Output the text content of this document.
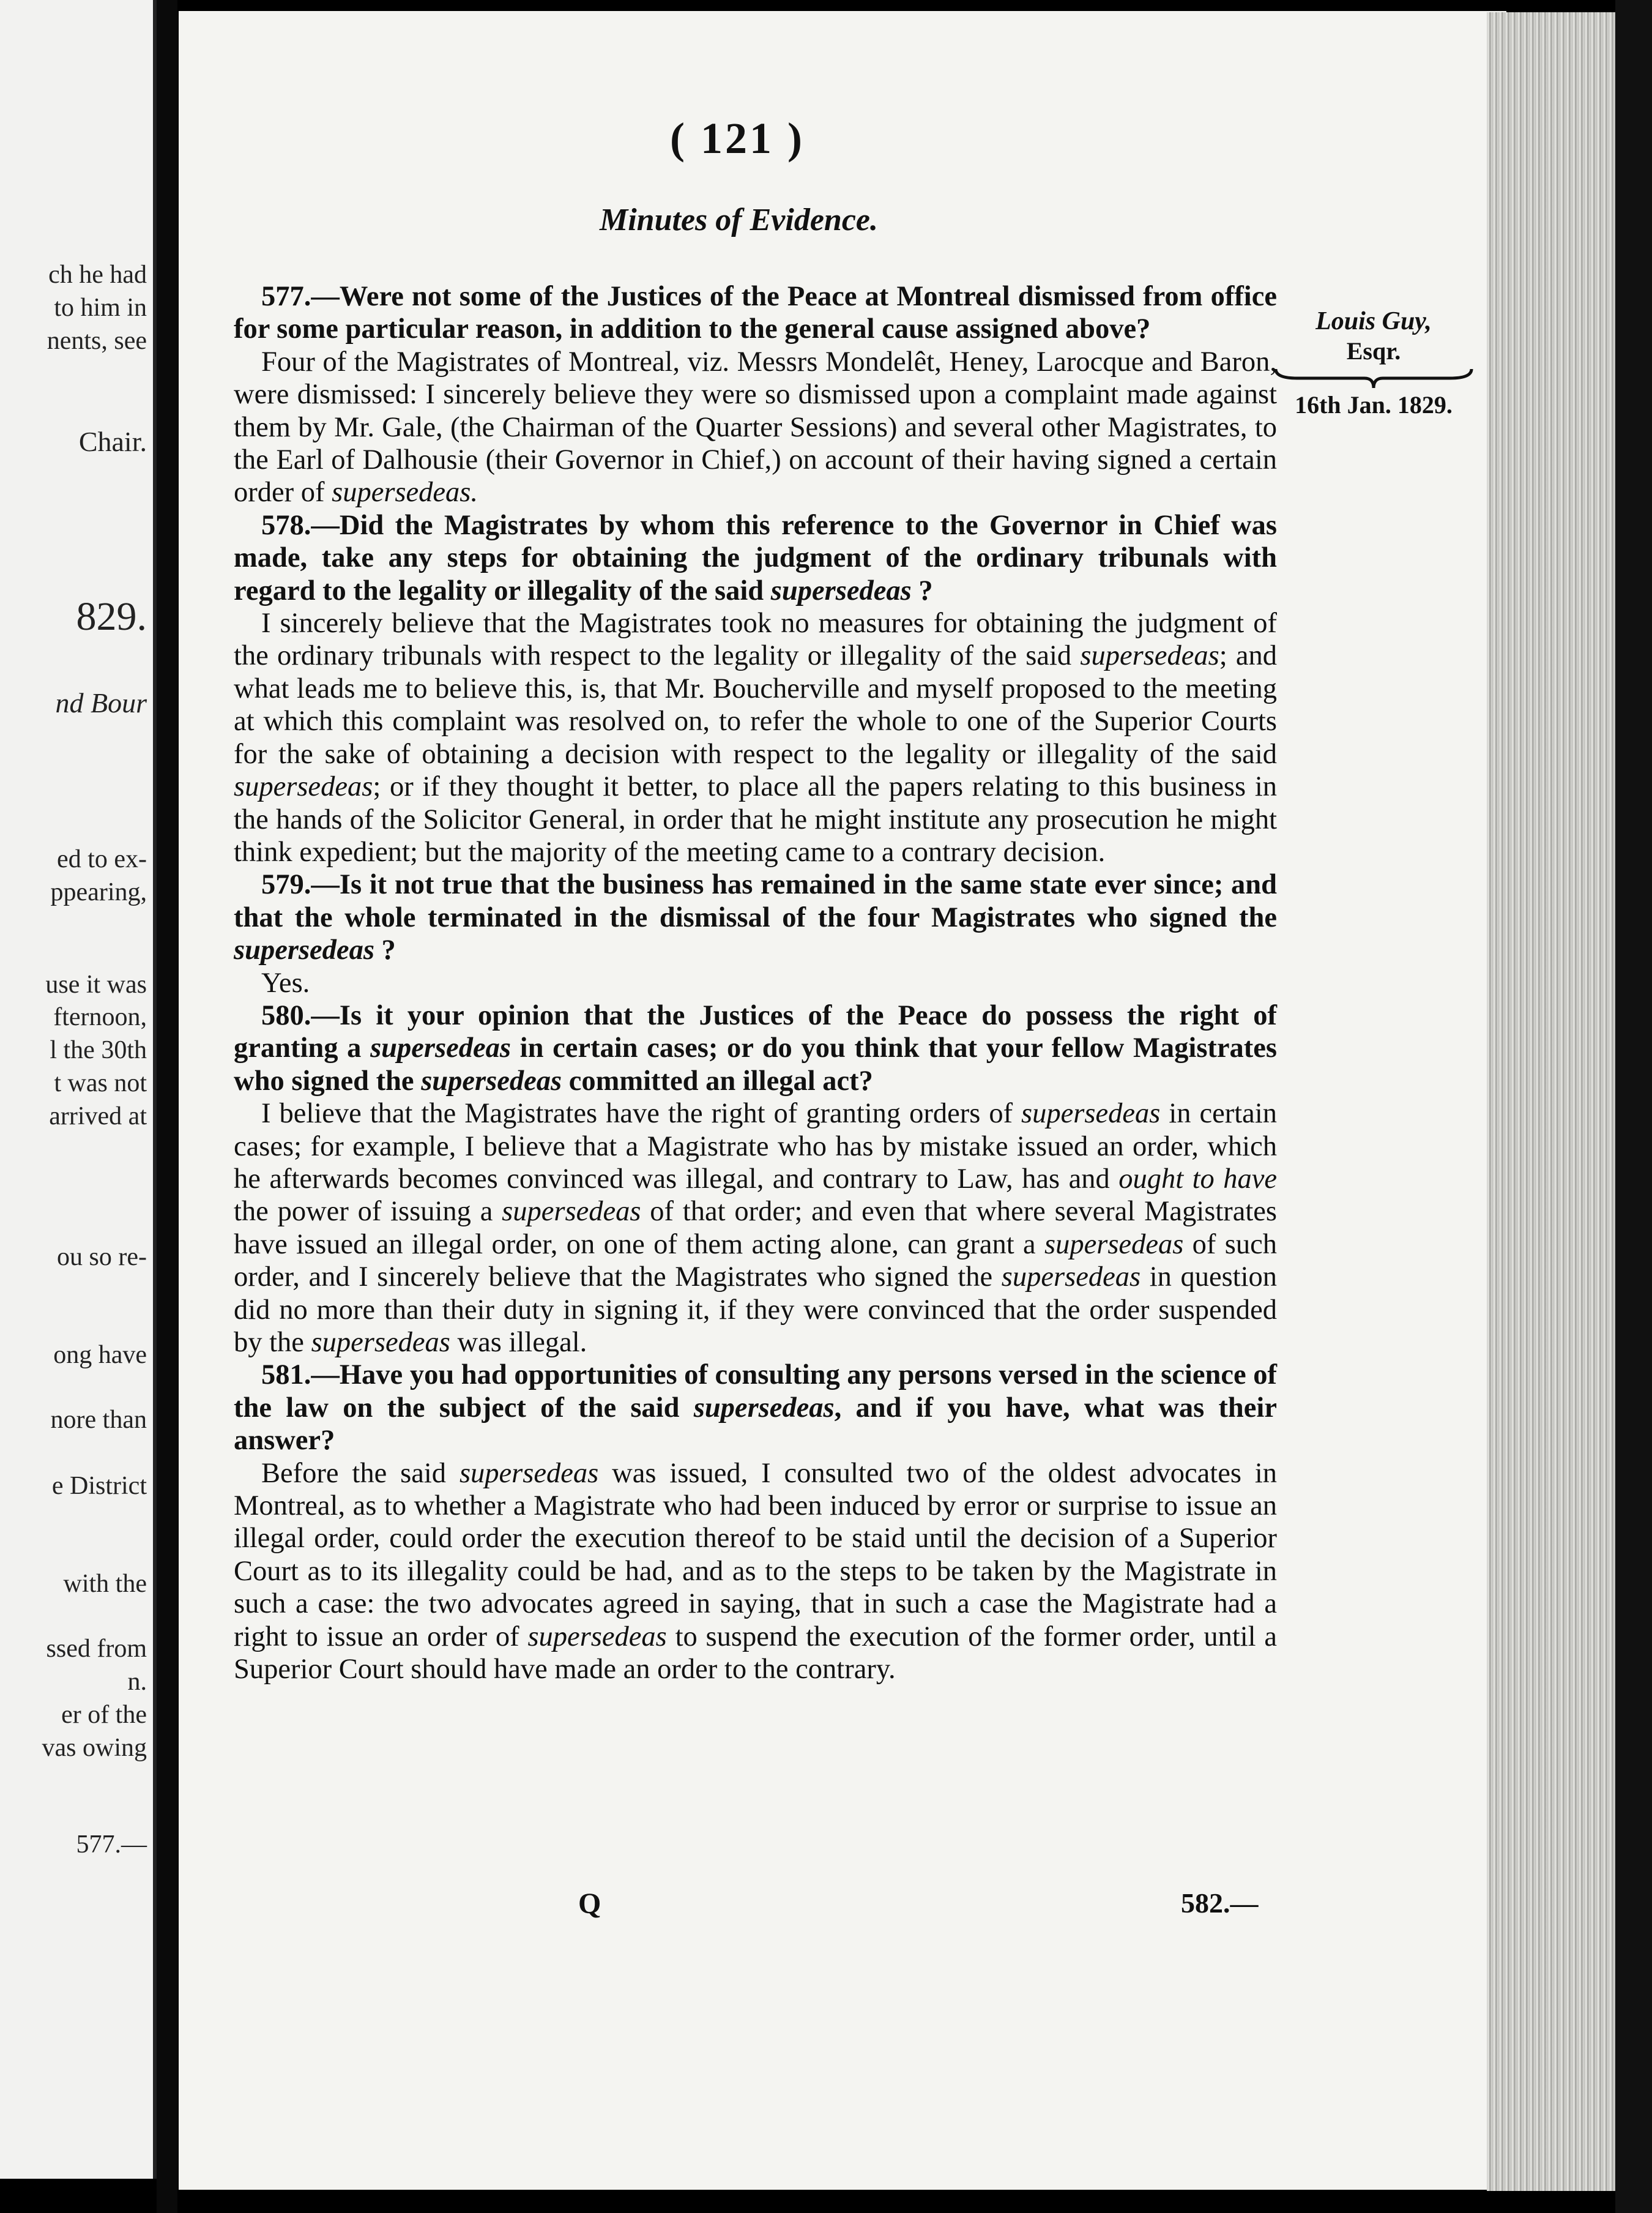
ch he had
to him in
nents, see
Chair.
829.
nd Bour
ed to ex-
ppearing,
use it was
fternoon,
l the 30th
t was not
arrived at
ou so re-
ong have
nore than
e District
with the
ssed from
n.
er of the
vas owing
577.—
( 121 )
Minutes of Evidence.
Louis Guy,
Esqr.
16th Jan. 1829.

577.—Were not some of the Justices of the Peace at Montreal dismissed from office for some particular reason, in addition to the general cause assigned above?

Four of the Magistrates of Montreal, viz. Messrs Mondelêt, Heney, Larocque and Baron, were dismissed: I sincerely believe they were so dismissed upon a complaint made against them by Mr. Gale, (the Chairman of the Quarter Sessions) and several other Magistrates, to the Earl of Dalhousie (their Governor in Chief,) on account of their having signed a certain order of supersedeas.

578.—Did the Magistrates by whom this reference to the Governor in Chief was made, take any steps for obtaining the judgment of the ordinary tribunals with regard to the legality or illegality of the said supersedeas ?

I sincerely believe that the Magistrates took no measures for obtaining the judgment of the ordinary tribunals with respect to the legality or illegality of the said supersedeas; and what leads me to believe this, is, that Mr. Boucherville and myself proposed to the meeting at which this complaint was resolved on, to refer the whole to one of the Superior Courts for the sake of obtaining a decision with respect to the legality or illegality of the said supersedeas; or if they thought it better, to place all the papers relating to this business in the hands of the Solicitor General, in order that he might institute any prosecution he might think expedient; but the majority of the meeting came to a contrary decision.

579.—Is it not true that the business has remained in the same state ever since; and that the whole terminated in the dismissal of the four Magistrates who signed the supersedeas ?

Yes.

580.—Is it your opinion that the Justices of the Peace do possess the right of granting a supersedeas in certain cases; or do you think that your fellow Magistrates who signed the supersedeas committed an illegal act?

I believe that the Magistrates have the right of granting orders of supersedeas in certain cases; for example, I believe that a Magistrate who has by mistake issued an order, which he afterwards becomes convinced was illegal, and contrary to Law, has and ought to have the power of issuing a supersedeas of that order; and even that where several Magistrates have issued an illegal order, on one of them acting alone, can grant a supersedeas of such order, and I sincerely believe that the Magistrates who signed the supersedeas in question did no more than their duty in signing it, if they were convinced that the order suspended by the supersedeas was illegal.

581.—Have you had opportunities of consulting any persons versed in the science of the law on the subject of the said supersedeas, and if you have, what was their answer?

Before the said supersedeas was issued, I consulted two of the oldest advocates in Montreal, as to whether a Magistrate who had been induced by error or surprise to issue an illegal order, could order the execution thereof to be staid until the decision of a Superior Court as to its illegality could be had, and as to the steps to be taken by the Magistrate in such a case: the two advocates agreed in saying, that in such a case the Magistrate had a right to issue an order of supersedeas to suspend the execution of the former order, until a Superior Court should have made an order to the contrary.

Q	582.—
